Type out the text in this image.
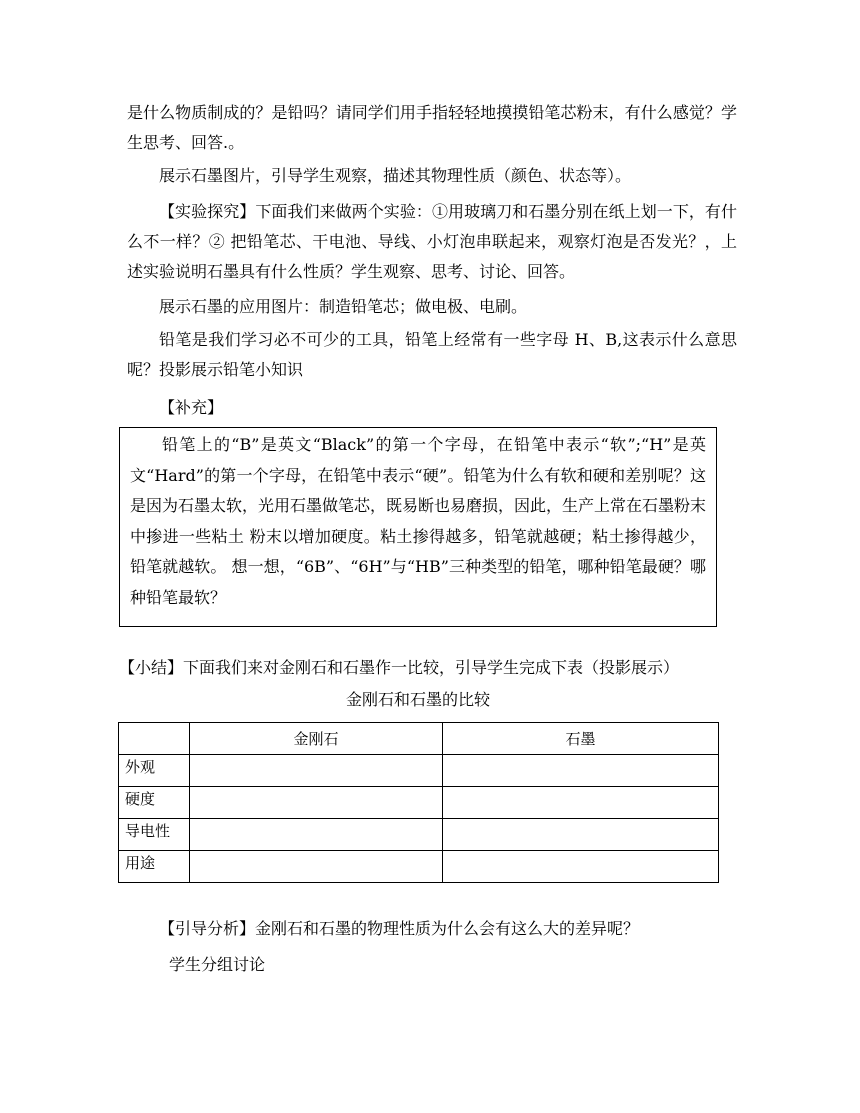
是什么物质制成的？是铅吗？请同学们用手指轻轻地摸摸铅笔芯粉末，有什么感觉？学生思考、回答.。

展示石墨图片，引导学生观察，描述其物理性质（颜色、状态等）。

【实验探究】下面我们来做两个实验：①用玻璃刀和石墨分别在纸上划一下，有什么不一样？② 把铅笔芯、干电池、导线、小灯泡串联起来，观察灯泡是否发光？，上述实验说明石墨具有什么性质？学生观察、思考、讨论、回答。

展示石墨的应用图片：制造铅笔芯；做电极、电刷。

铅笔是我们学习必不可少的工具，铅笔上经常有一些字母 H、B,这表示什么意思呢？投影展示铅笔小知识

【补充】

铅笔上的“B”是英文“Black”的第一个字母，在铅笔中表示“软”;“H”是英文“Hard”的第一个字母，在铅笔中表示“硬”。铅笔为什么有软和硬和差别呢？这是因为石墨太软，光用石墨做笔芯，既易断也易磨损，因此，生产上常在石墨粉末中掺进一些粘土 粉末以增加硬度。粘土掺得越多，铅笔就越硬；粘土掺得越少，铅笔就越软。 想一想，“6B”、“6H”与“HB”三种类型的铅笔，哪种铅笔最硬？哪种铅笔最软？

【小结】下面我们来对金刚石和石墨作一比较，引导学生完成下表（投影展示）

金刚石和石墨的比较

	金刚石	石墨
外观		
硬度		
导电性		
用途		

【引导分析】金刚石和石墨的物理性质为什么会有这么大的差异呢？

学生分组讨论
